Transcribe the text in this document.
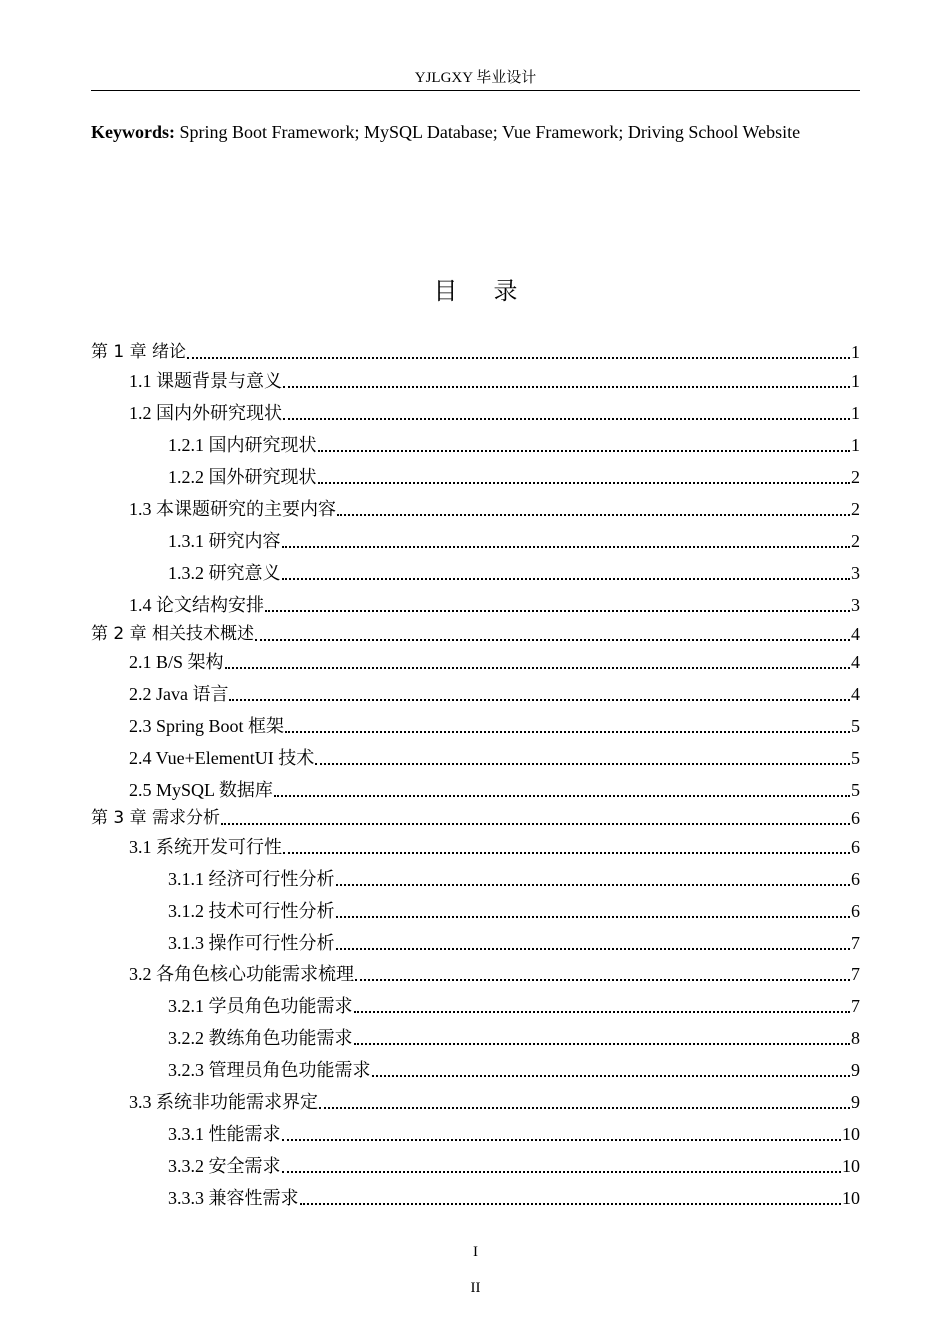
YJLGXY 毕业设计
Keywords: Spring Boot Framework; MySQL Database; Vue Framework; Driving School Website
目 录
第 1 章 绪论	1
1.1 课题背景与意义	1
1.2 国内外研究现状	1
1.2.1 国内研究现状	1
1.2.2 国外研究现状	2
1.3 本课题研究的主要内容	2
1.3.1 研究内容	2
1.3.2 研究意义	3
1.4 论文结构安排	3
第 2 章 相关技术概述	4
2.1 B/S 架构	4
2.2 Java 语言	4
2.3 Spring Boot 框架	5
2.4 Vue+ElementUI 技术	5
2.5 MySQL 数据库	5
第 3 章 需求分析	6
3.1 系统开发可行性	6
3.1.1 经济可行性分析	6
3.1.2 技术可行性分析	6
3.1.3 操作可行性分析	7
3.2 各角色核心功能需求梳理	7
3.2.1 学员角色功能需求	7
3.2.2 教练角色功能需求	8
3.2.3 管理员角色功能需求	9
3.3 系统非功能需求界定	9
3.3.1 性能需求	10
3.3.2 安全需求	10
3.3.3 兼容性需求	10
I
II
